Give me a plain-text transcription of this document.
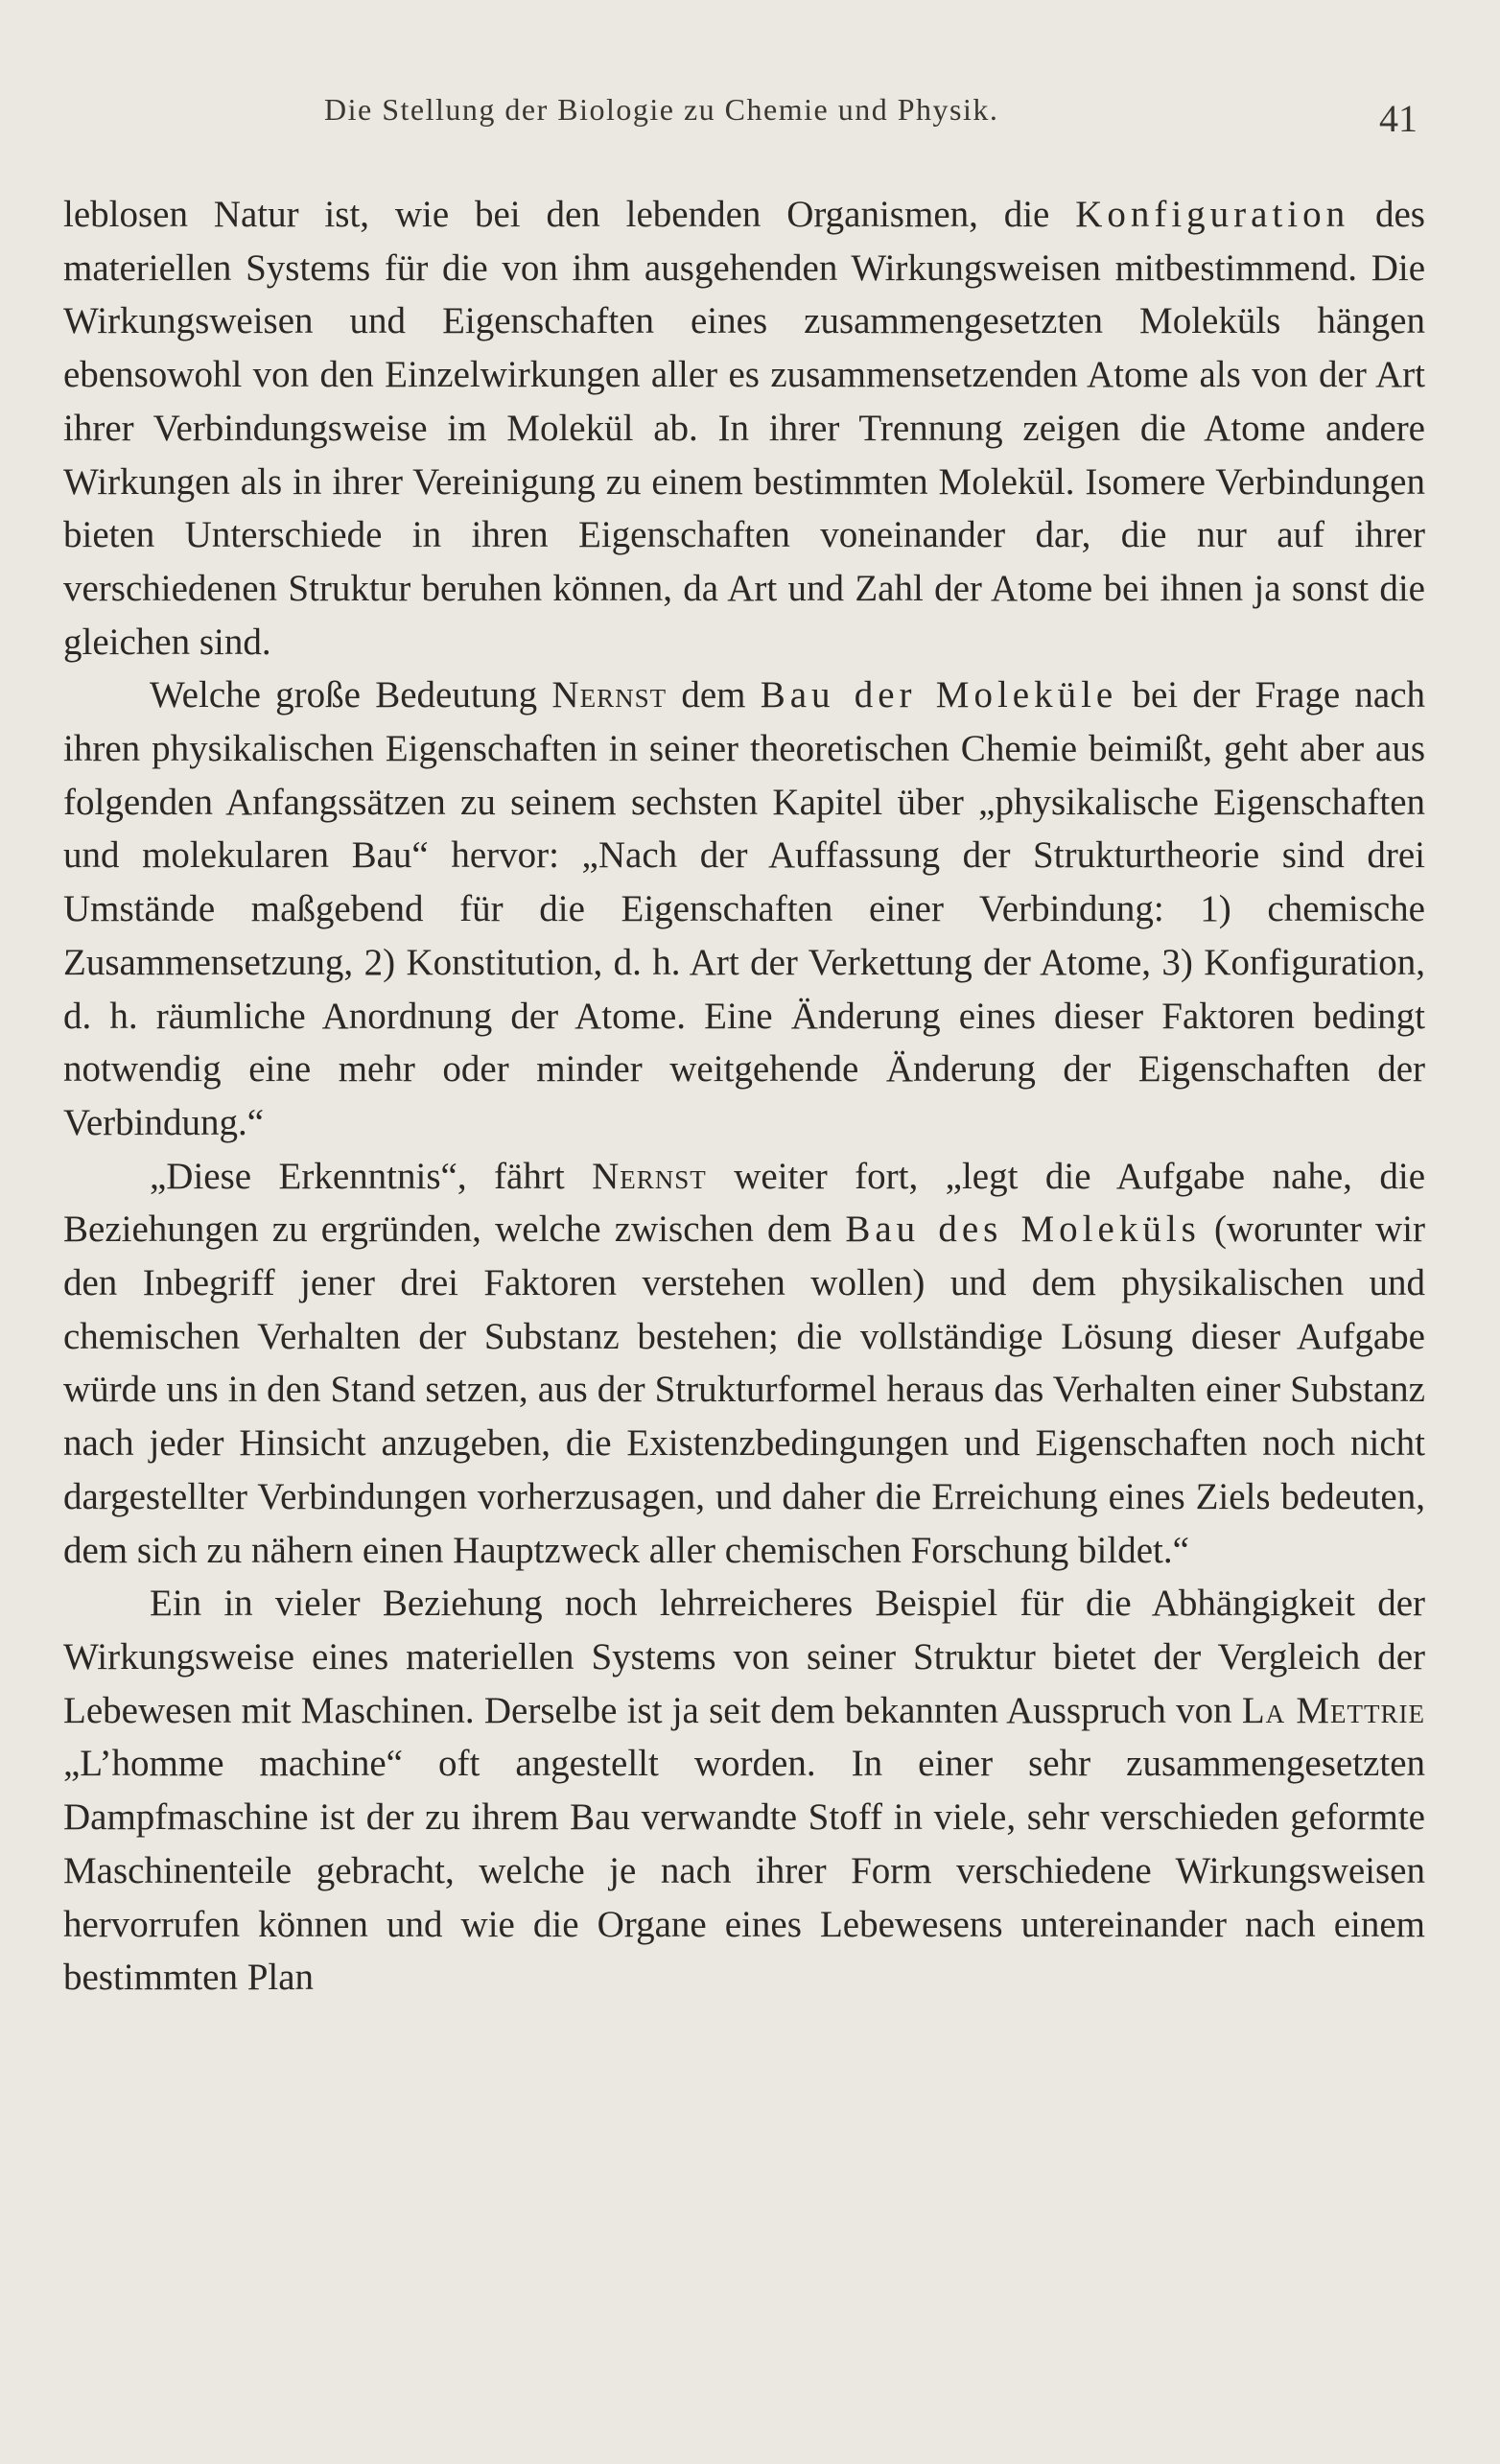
Die Stellung der Biologie zu Chemie und Physik.	41

leblosen Natur ist, wie bei den lebenden Organismen, die Konfiguration des materiellen Systems für die von ihm ausgehenden Wirkungsweisen mitbestimmend. Die Wirkungsweisen und Eigenschaften eines zusammengesetzten Moleküls hängen ebensowohl von den Einzelwirkungen aller es zusammensetzenden Atome als von der Art ihrer Verbindungsweise im Molekül ab. In ihrer Trennung zeigen die Atome andere Wirkungen als in ihrer Vereinigung zu einem bestimmten Molekül. Isomere Verbindungen bieten Unterschiede in ihren Eigenschaften voneinander dar, die nur auf ihrer verschiedenen Struktur beruhen können, da Art und Zahl der Atome bei ihnen ja sonst die gleichen sind.

Welche große Bedeutung Nernst dem Bau der Moleküle bei der Frage nach ihren physikalischen Eigenschaften in seiner theoretischen Chemie beimißt, geht aber aus folgenden Anfangssätzen zu seinem sechsten Kapitel über „physikalische Eigenschaften und molekularen Bau“ hervor: „Nach der Auffassung der Strukturtheorie sind drei Umstände maßgebend für die Eigenschaften einer Verbindung: 1) chemische Zusammensetzung, 2) Konstitution, d. h. Art der Verkettung der Atome, 3) Konfiguration, d. h. räumliche Anordnung der Atome. Eine Änderung eines dieser Faktoren bedingt notwendig eine mehr oder minder weitgehende Änderung der Eigenschaften der Verbindung.“

„Diese Erkenntnis“, fährt Nernst weiter fort, „legt die Aufgabe nahe, die Beziehungen zu ergründen, welche zwischen dem Bau des Moleküls (worunter wir den Inbegriff jener drei Faktoren verstehen wollen) und dem physikalischen und chemischen Verhalten der Substanz bestehen; die vollständige Lösung dieser Aufgabe würde uns in den Stand setzen, aus der Strukturformel heraus das Verhalten einer Substanz nach jeder Hinsicht anzugeben, die Existenzbedingungen und Eigenschaften noch nicht dargestellter Verbindungen vorherzusagen, und daher die Erreichung eines Ziels bedeuten, dem sich zu nähern einen Hauptzweck aller chemischen Forschung bildet.“

Ein in vieler Beziehung noch lehrreicheres Beispiel für die Abhängigkeit der Wirkungsweise eines materiellen Systems von seiner Struktur bietet der Vergleich der Lebewesen mit Maschinen. Derselbe ist ja seit dem bekannten Ausspruch von La Mettrie „L’homme machine“ oft angestellt worden. In einer sehr zusammengesetzten Dampfmaschine ist der zu ihrem Bau verwandte Stoff in viele, sehr verschieden geformte Maschinenteile gebracht, welche je nach ihrer Form verschiedene Wirkungsweisen hervorrufen können und wie die Organe eines Lebewesens untereinander nach einem bestimmten Plan
